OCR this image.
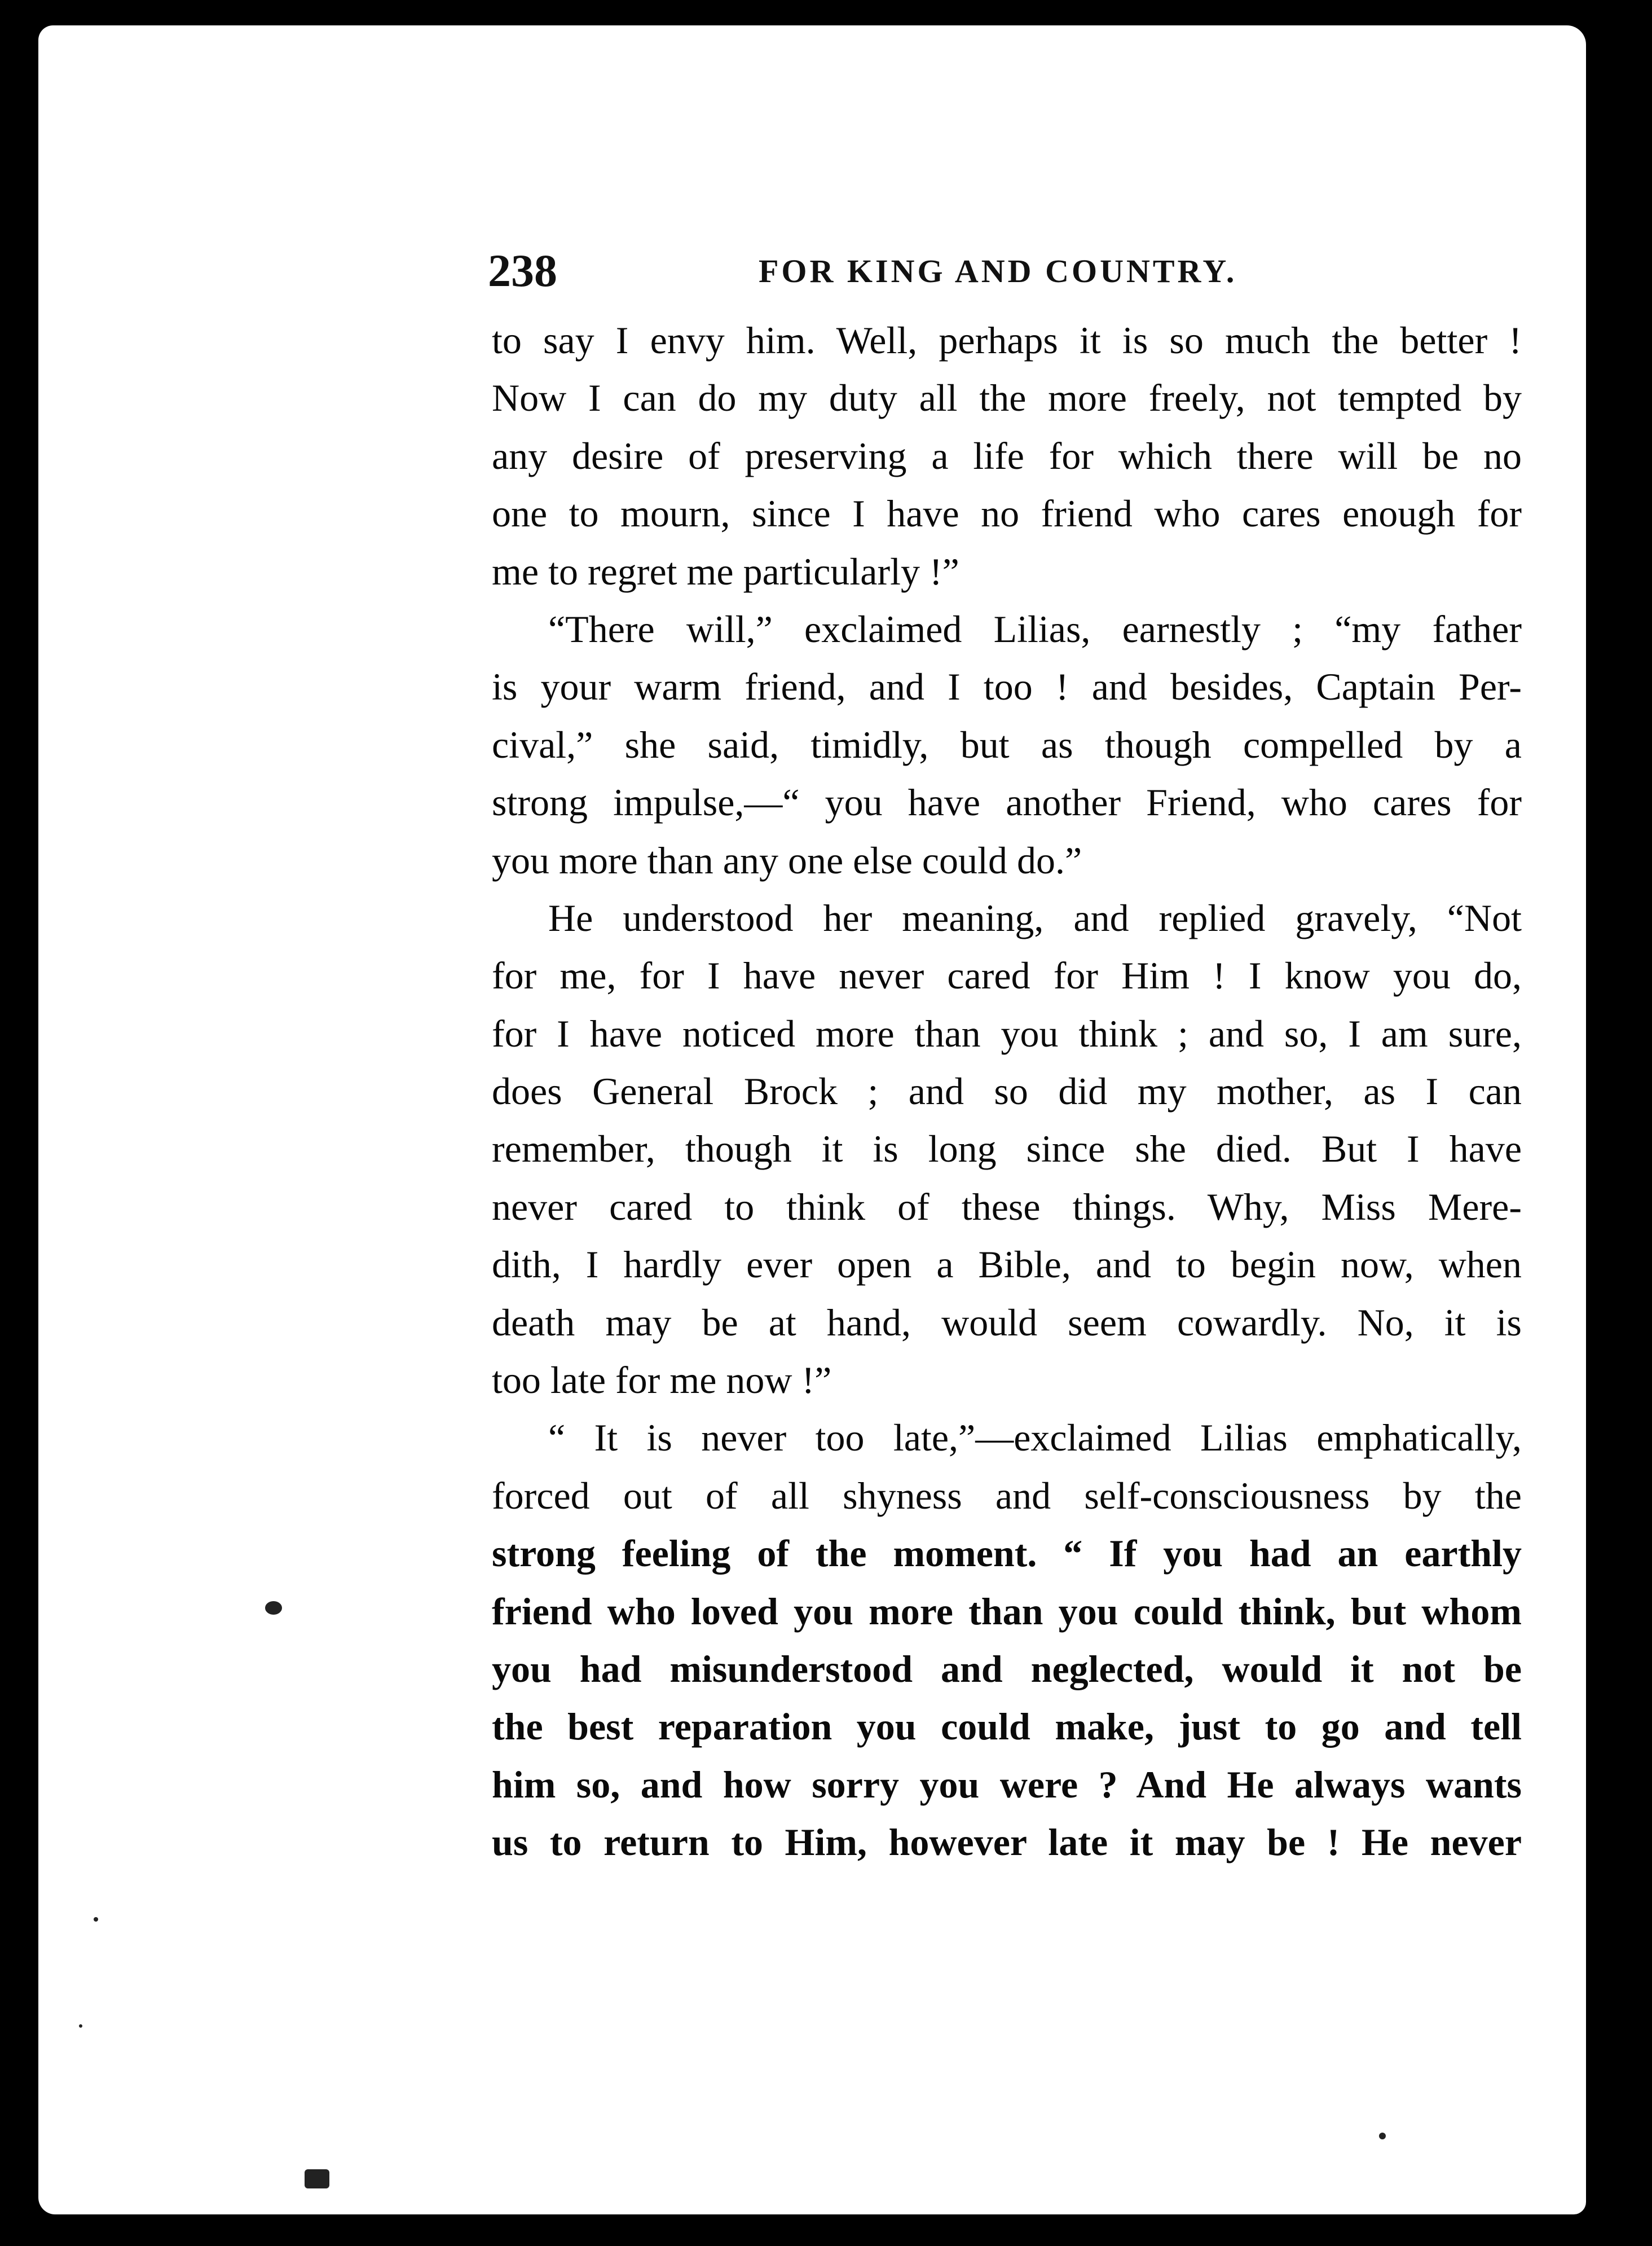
238	FOR KING AND COUNTRY.
to say I envy him. Well, perhaps it is so much the better !
Now I can do my duty all the more freely, not tempted by
any desire of preserving a life for which there will be no
one to mourn, since I have no friend who cares enough for
me to regret me particularly !”
“There will,” exclaimed Lilias, earnestly ; “my father
is your warm friend, and I too ! and besides, Captain Per-
cival,” she said, timidly, but as though compelled by a
strong impulse,—“ you have another Friend, who cares for
you more than any one else could do.”
He understood her meaning, and replied gravely, “Not
for me, for I have never cared for Him ! I know you do,
for I have noticed more than you think ; and so, I am sure,
does General Brock ; and so did my mother, as I can
remember, though it is long since she died. But I have
never cared to think of these things. Why, Miss Mere-
dith, I hardly ever open a Bible, and to begin now, when
death may be at hand, would seem cowardly. No, it is
too late for me now !”
“ It is never too late,”—exclaimed Lilias emphatically,
forced out of all shyness and self-consciousness by the
strong feeling of the moment. “ If you had an earthly
friend who loved you more than you could think, but whom
you had misunderstood and neglected, would it not be
the best reparation you could make, just to go and tell
him so, and how sorry you were ? And He always wants
us to return to Him, however late it may be ! He never
